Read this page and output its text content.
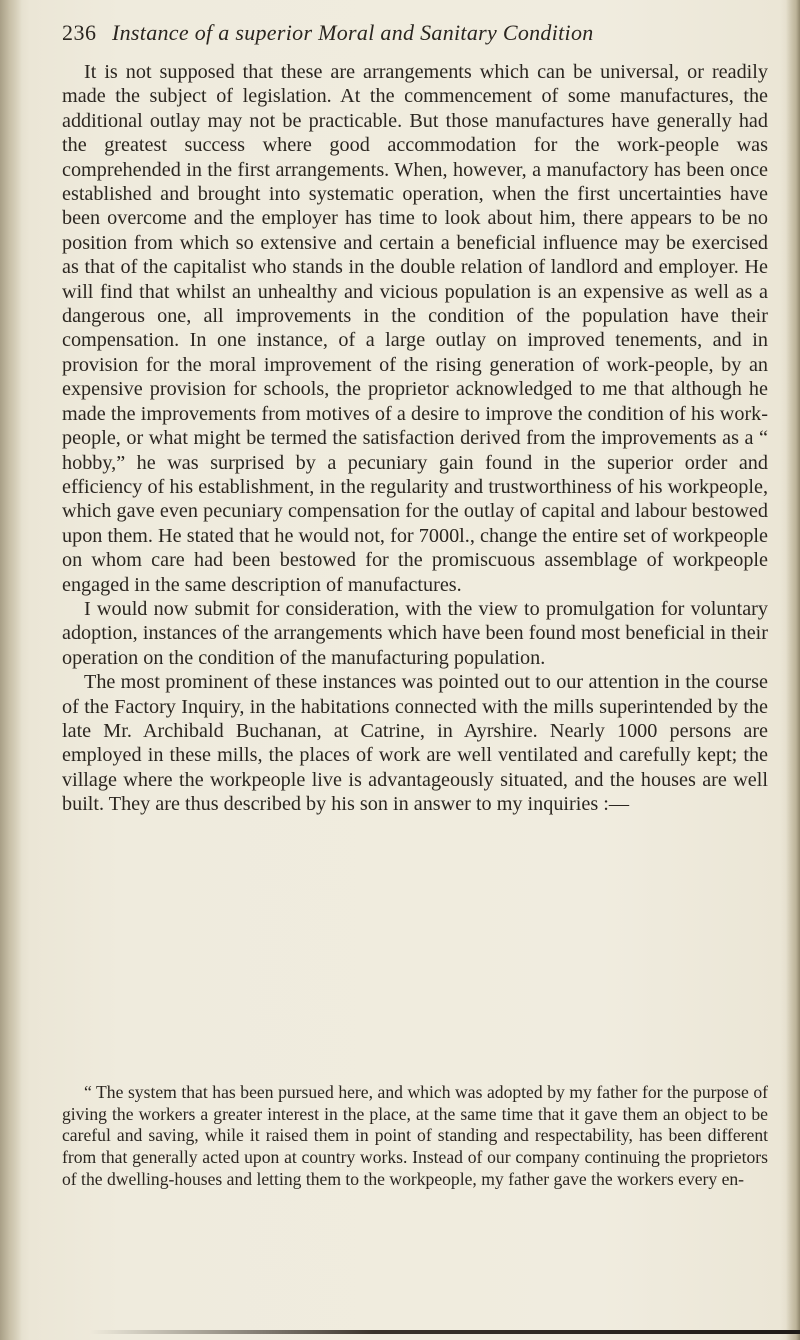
236 Instance of a superior Moral and Sanitary Condition

It is not supposed that these are arrangements which can be universal, or readily made the subject of legislation. At the commencement of some manufactures, the additional outlay may not be practicable. But those manufactures have generally had the greatest success where good accommodation for the work-people was comprehended in the first arrangements. When, however, a manufactory has been once established and brought into systematic operation, when the first uncertainties have been overcome and the employer has time to look about him, there appears to be no position from which so extensive and certain a beneficial influence may be exercised as that of the capitalist who stands in the double relation of landlord and employer. He will find that whilst an unhealthy and vicious population is an expensive as well as a dangerous one, all improvements in the condition of the population have their compensation. In one instance, of a large outlay on improved tenements, and in provision for the moral improvement of the rising generation of work-people, by an expensive provision for schools, the proprietor acknowledged to me that although he made the improvements from motives of a desire to improve the condition of his work-people, or what might be termed the satisfaction derived from the improvements as a “ hobby,” he was surprised by a pecuniary gain found in the superior order and efficiency of his establishment, in the regularity and trustworthiness of his workpeople, which gave even pecuniary compensation for the outlay of capital and labour bestowed upon them. He stated that he would not, for 7000l., change the entire set of workpeople on whom care had been bestowed for the promiscuous assemblage of workpeople engaged in the same description of manufactures.

I would now submit for consideration, with the view to promulgation for voluntary adoption, instances of the arrangements which have been found most beneficial in their operation on the condition of the manufacturing population.

The most prominent of these instances was pointed out to our attention in the course of the Factory Inquiry, in the habitations connected with the mills superintended by the late Mr. Archibald Buchanan, at Catrine, in Ayrshire. Nearly 1000 persons are employed in these mills, the places of work are well ventilated and carefully kept; the village where the workpeople live is advantageously situated, and the houses are well built. They are thus described by his son in answer to my inquiries :—

“ The system that has been pursued here, and which was adopted by my father for the purpose of giving the workers a greater interest in the place, at the same time that it gave them an object to be careful and saving, while it raised them in point of standing and respectability, has been different from that generally acted upon at country works. Instead of our company continuing the proprietors of the dwelling-houses and letting them to the workpeople, my father gave the workers every en-
